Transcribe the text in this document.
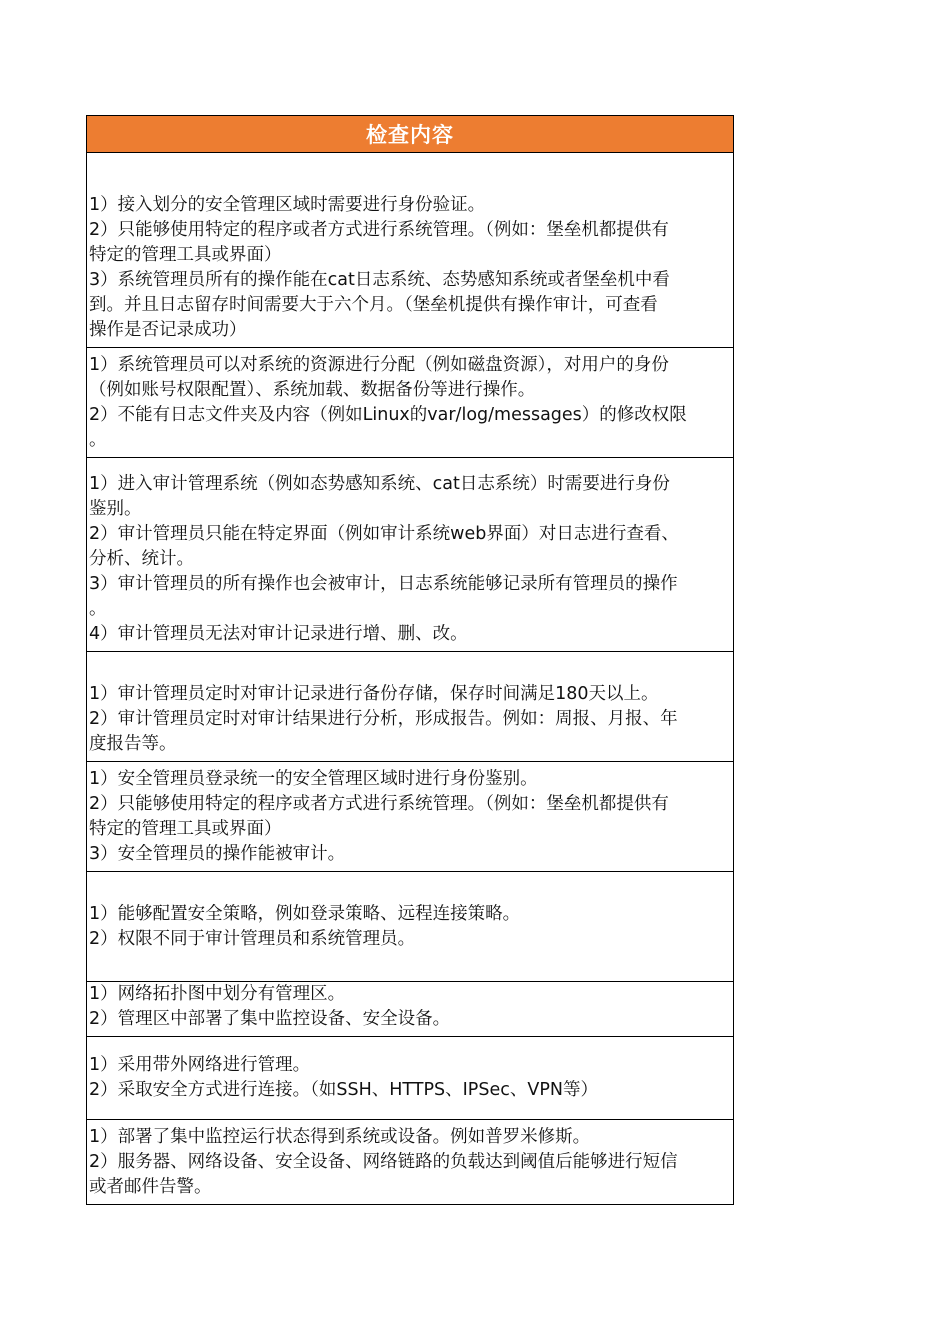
检查内容
1）接入划分的安全管理区域时需要进行身份验证。
2）只能够使用特定的程序或者方式进行系统管理。（例如：堡垒机都提供有
特定的管理工具或界面）
3）系统管理员所有的操作能在cat日志系统、态势感知系统或者堡垒机中看
到。并且日志留存时间需要大于六个月。（堡垒机提供有操作审计，可查看
操作是否记录成功）
1）系统管理员可以对系统的资源进行分配（例如磁盘资源），对用户的身份
（例如账号权限配置）、系统加载、数据备份等进行操作。
2）不能有日志文件夹及内容（例如Linux的var/log/messages）的修改权限
。
1）进入审计管理系统（例如态势感知系统、cat日志系统）时需要进行身份
鉴别。
2）审计管理员只能在特定界面（例如审计系统web界面）对日志进行查看、
分析、统计。
3）审计管理员的所有操作也会被审计，日志系统能够记录所有管理员的操作
。
4）审计管理员无法对审计记录进行增、删、改。
1）审计管理员定时对审计记录进行备份存储，保存时间满足180天以上。
2）审计管理员定时对审计结果进行分析，形成报告。例如：周报、月报、年
度报告等。
1）安全管理员登录统一的安全管理区域时进行身份鉴别。
2）只能够使用特定的程序或者方式进行系统管理。（例如：堡垒机都提供有
特定的管理工具或界面）
3）安全管理员的操作能被审计。
1）能够配置安全策略，例如登录策略、远程连接策略。
2）权限不同于审计管理员和系统管理员。
1）网络拓扑图中划分有管理区。
2）管理区中部署了集中监控设备、安全设备。
1）采用带外网络进行管理。
2）采取安全方式进行连接。（如SSH、HTTPS、IPSec、VPN等）
1）部署了集中监控运行状态得到系统或设备。例如普罗米修斯。
2）服务器、网络设备、安全设备、网络链路的负载达到阈值后能够进行短信
或者邮件告警。
